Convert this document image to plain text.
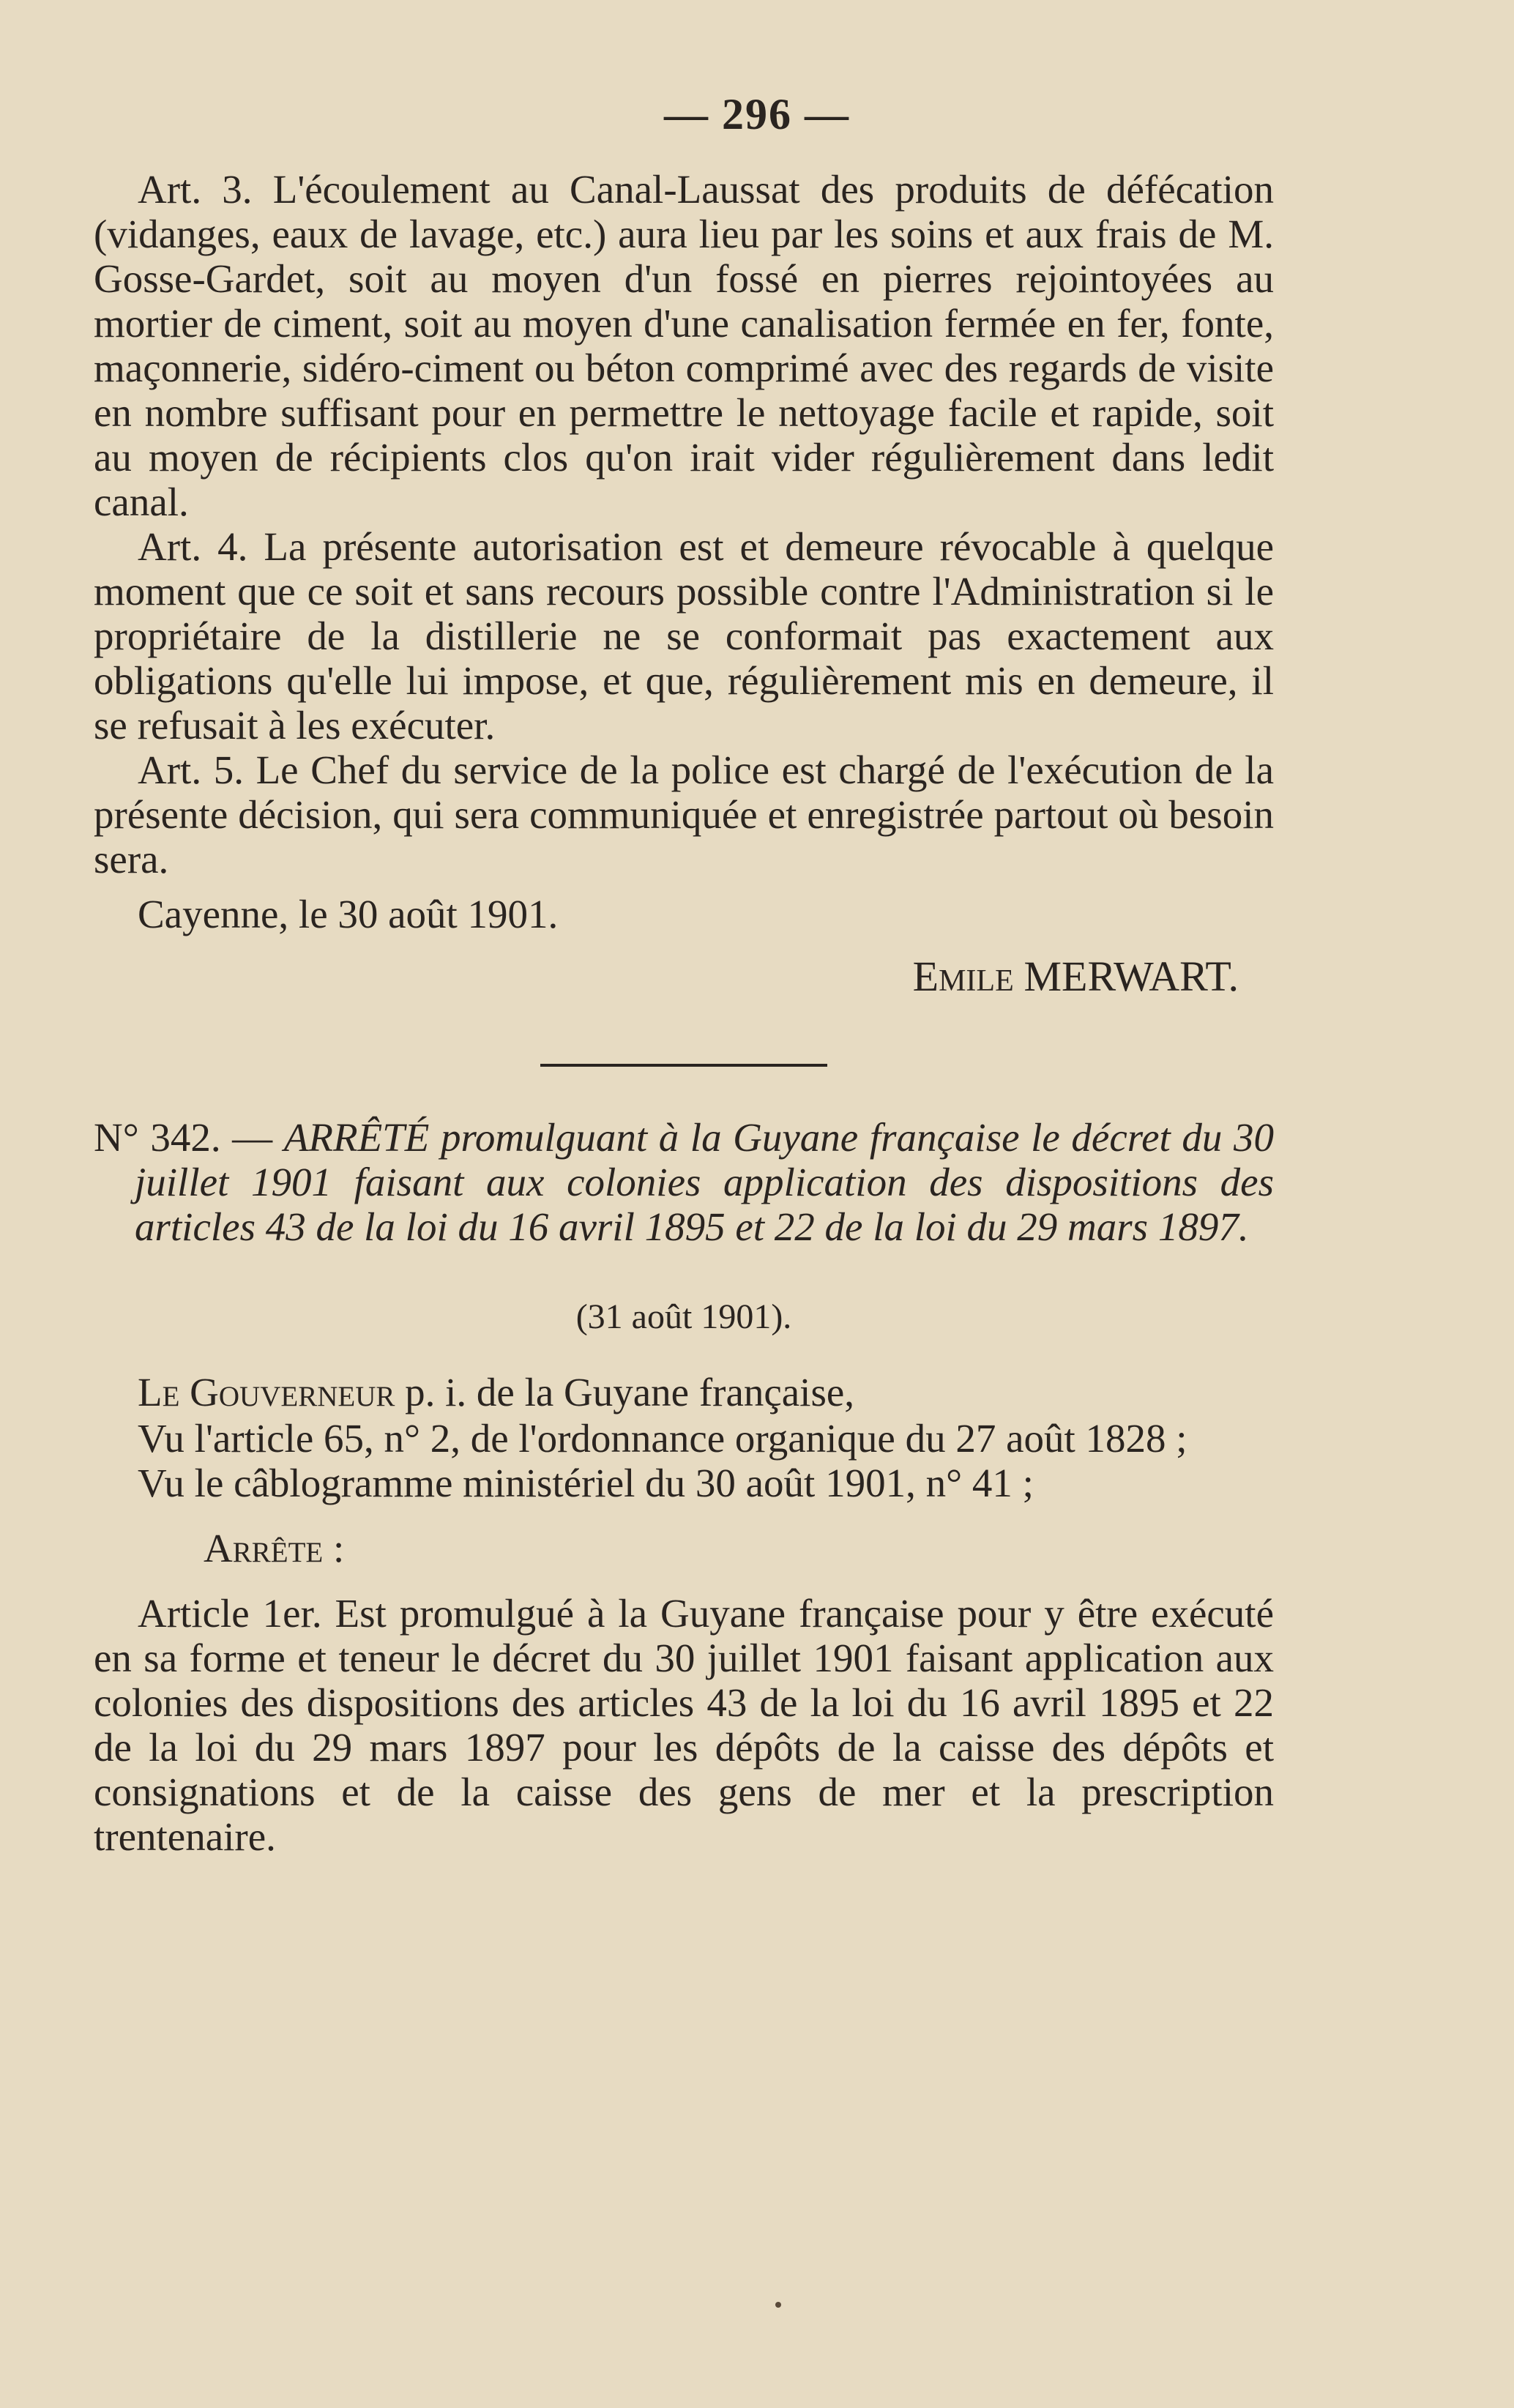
— 296 —

Art. 3. L'écoulement au Canal-Laussat des produits de défécation (vidanges, eaux de lavage, etc.) aura lieu par les soins et aux frais de M. Gosse-Gardet, soit au moyen d'un fossé en pierres rejointoyées au mortier de ciment, soit au moyen d'une canalisation fermée en fer, fonte, maçonnerie, sidéro-ciment ou béton comprimé avec des regards de visite en nombre suffisant pour en permettre le nettoyage facile et rapide, soit au moyen de récipients clos qu'on irait vider régulièrement dans ledit canal.

Art. 4. La présente autorisation est et demeure révocable à quelque moment que ce soit et sans recours possible contre l'Administration si le propriétaire de la distillerie ne se conformait pas exactement aux obligations qu'elle lui impose, et que, régulièrement mis en demeure, il se refusait à les exécuter.

Art. 5. Le Chef du service de la police est chargé de l'exécution de la présente décision, qui sera communiquée et enregistrée partout où besoin sera.

Cayenne, le 30 août 1901.

EMILE MERWART.

N° 342. — ARRÊTÉ promulguant à la Guyane française le décret du 30 juillet 1901 faisant aux colonies application des dispositions des articles 43 de la loi du 16 avril 1895 et 22 de la loi du 29 mars 1897.

(31 août 1901).

Le Gouverneur p. i. de la Guyane française,

Vu l'article 65, n° 2, de l'ordonnance organique du 27 août 1828 ;

Vu le câblogramme ministériel du 30 août 1901, n° 41 ;

Arrête :

Article 1er. Est promulgué à la Guyane française pour y être exécuté en sa forme et teneur le décret du 30 juillet 1901 faisant application aux colonies des dispositions des articles 43 de la loi du 16 avril 1895 et 22 de la loi du 29 mars 1897 pour les dépôts de la caisse des dépôts et consignations et de la caisse des gens de mer et la prescription trentenaire.
